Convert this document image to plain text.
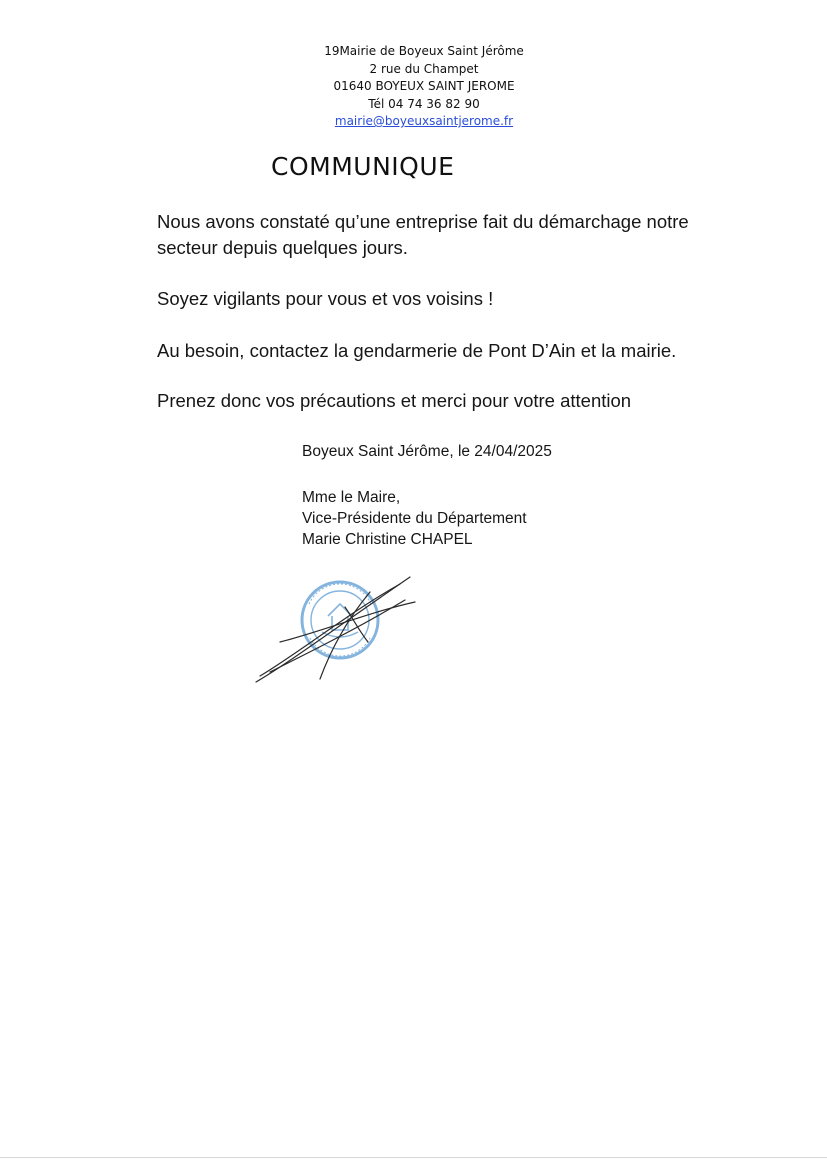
19Mairie de Boyeux Saint Jérôme
2 rue du Champet
01640 BOYEUX SAINT JEROME
Tél 04 74 36 82 90
mairie@boyeuxsaintjerome.fr
COMMUNIQUE
Nous avons constaté qu’une entreprise fait du démarchage notre
secteur depuis quelques jours.
Soyez vigilants pour vous et vos voisins !
Au besoin, contactez la gendarmerie de Pont D’Ain et la mairie.
Prenez donc vos précautions et merci pour votre attention
Boyeux Saint Jérôme, le 24/04/2025
Mme le Maire,
Vice-Présidente du Département
Marie Christine CHAPEL
